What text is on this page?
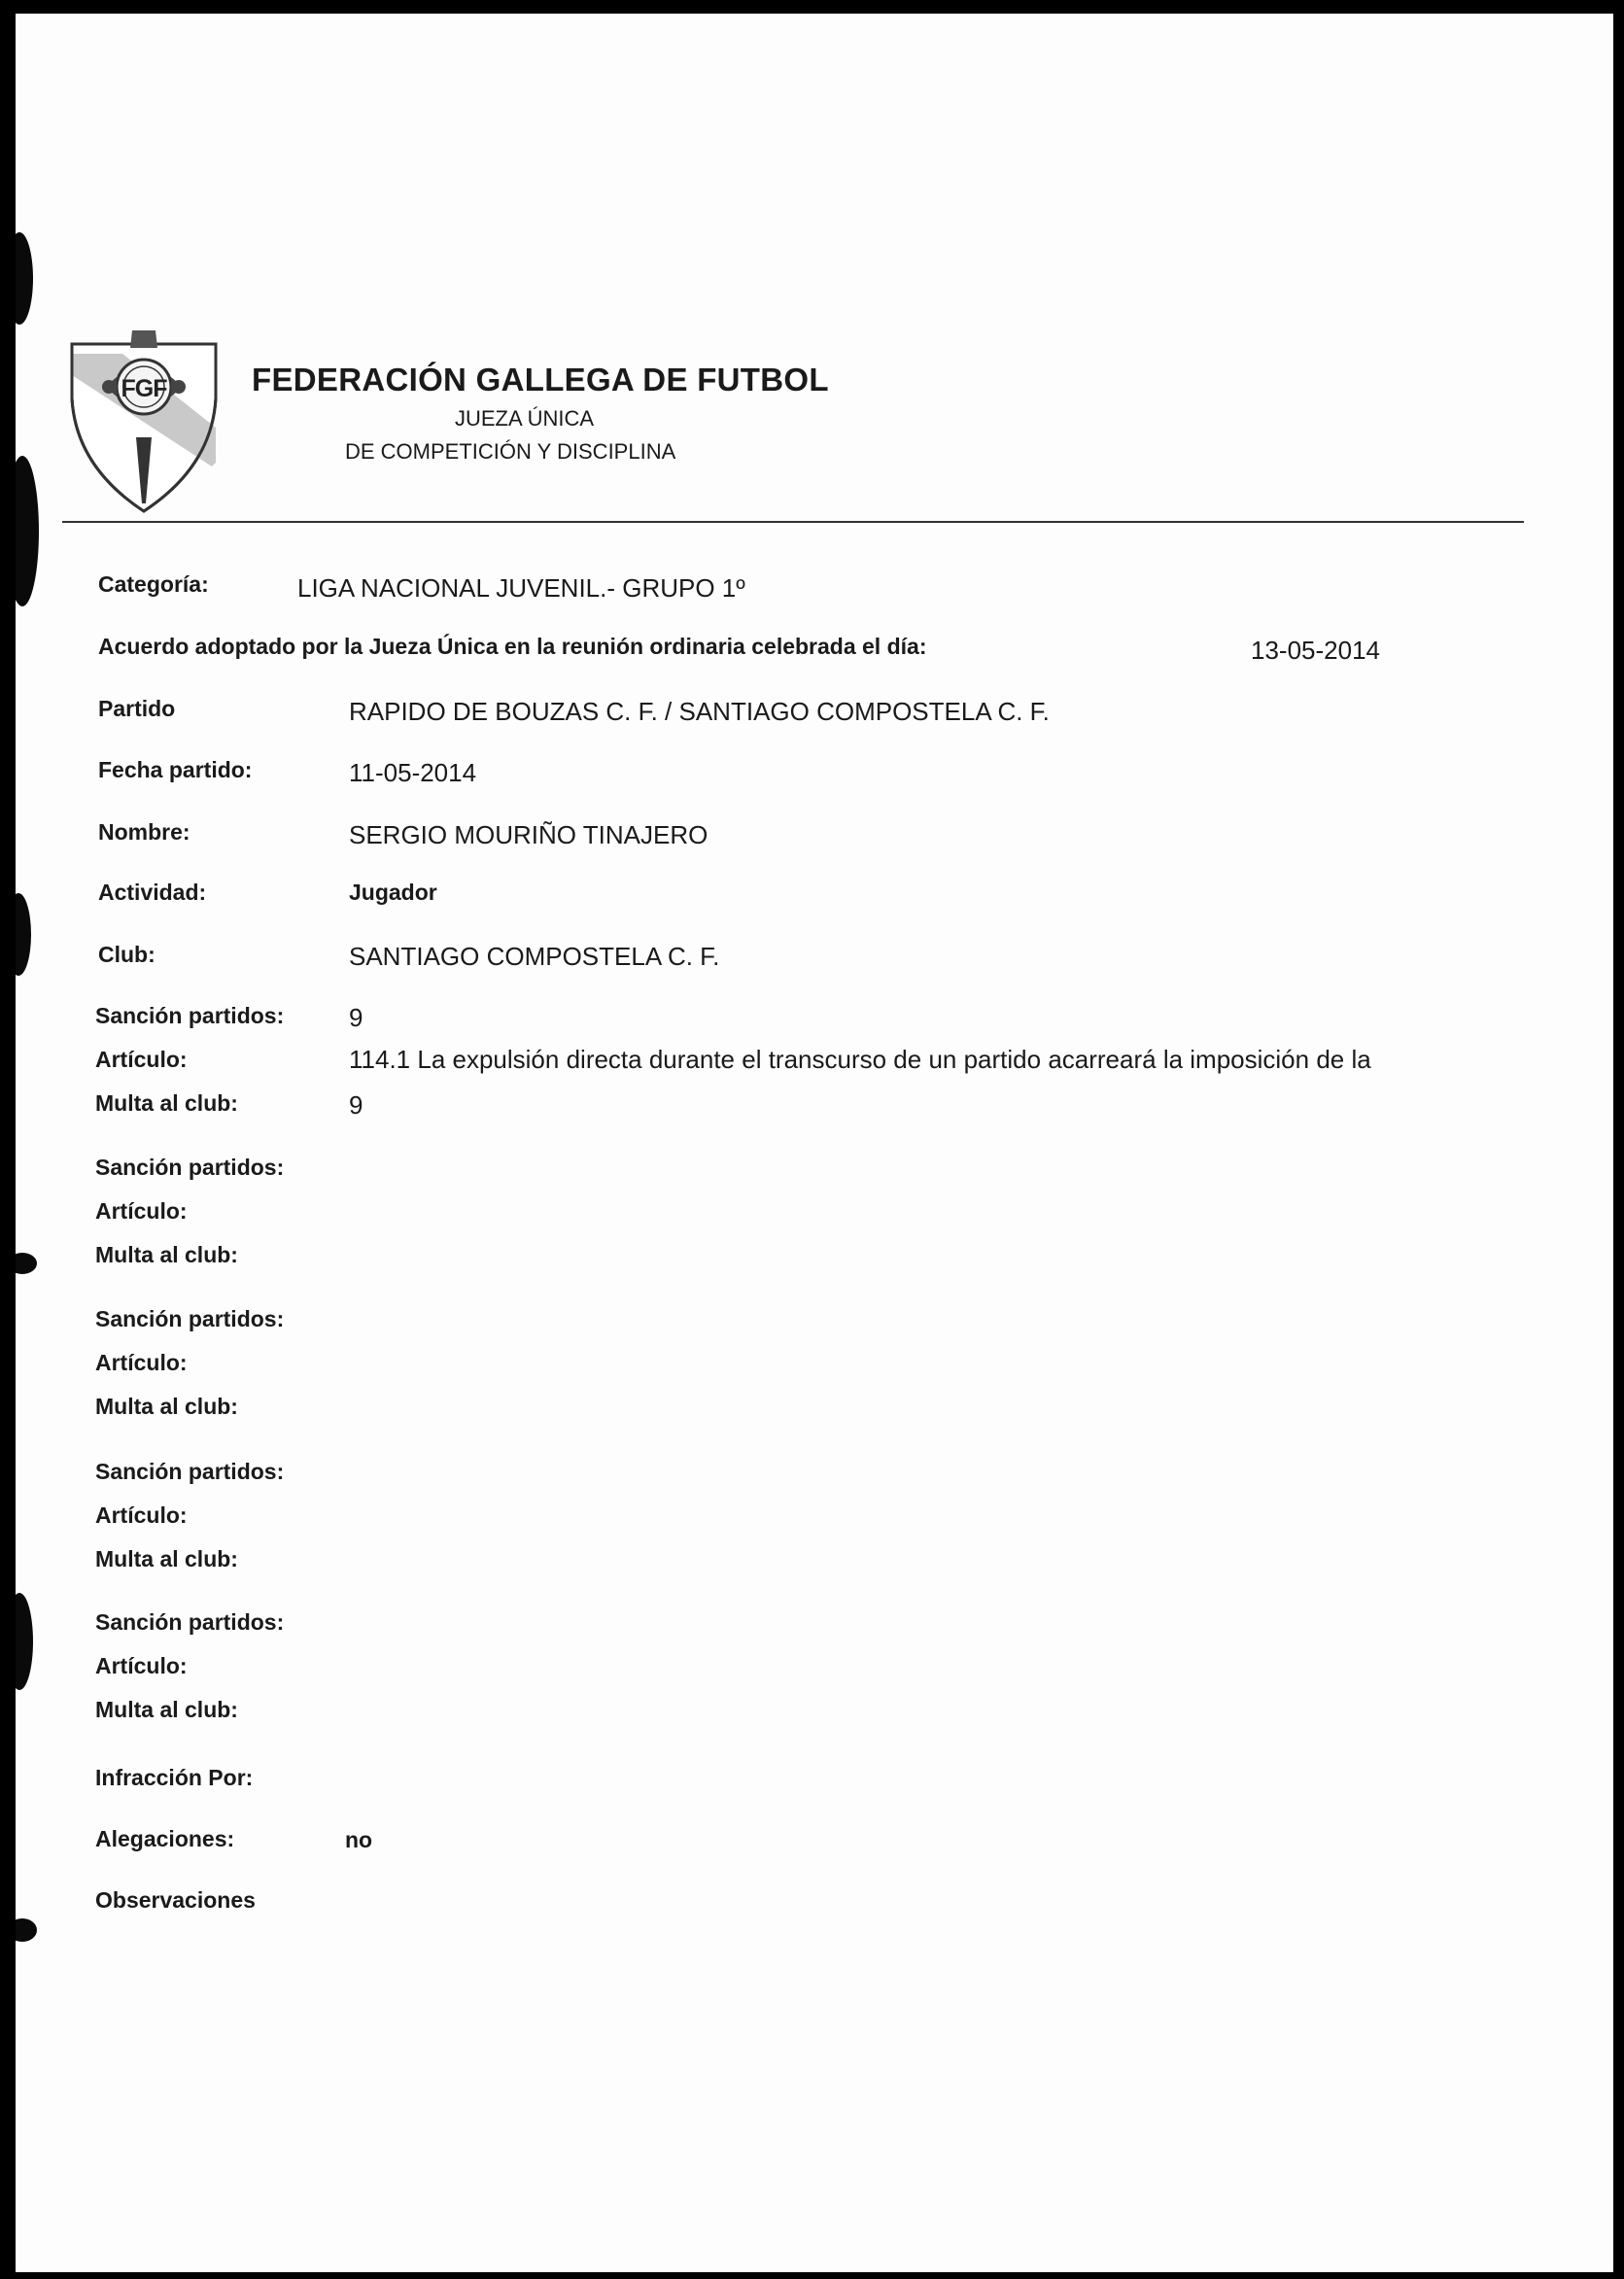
FGF	FEDERACIÓN GALLEGA DE FUTBOL
JUEZA ÚNICA
DE COMPETICIÓN Y DISCIPLINA
Categoría:	LIGA NACIONAL JUVENIL.- GRUPO 1º
Acuerdo adoptado por la Jueza Única en la reunión ordinaria celebrada el día:	13-05-2014
Partido	RAPIDO DE BOUZAS C. F. / SANTIAGO COMPOSTELA C. F.
Fecha partido:	11-05-2014
Nombre:	SERGIO MOURIÑO TINAJERO
Actividad:	Jugador
Club:	SANTIAGO COMPOSTELA C. F.
Sanción partidos:	9
Artículo:	114.1 La expulsión directa durante el transcurso de un partido acarreará la imposición de la
Multa al club:	9
Sanción partidos:
Artículo:
Multa al club:
Sanción partidos:
Artículo:
Multa al club:
Sanción partidos:
Artículo:
Multa al club:
Sanción partidos:
Artículo:
Multa al club:
Infracción Por:
Alegaciones:	no
Observaciones
